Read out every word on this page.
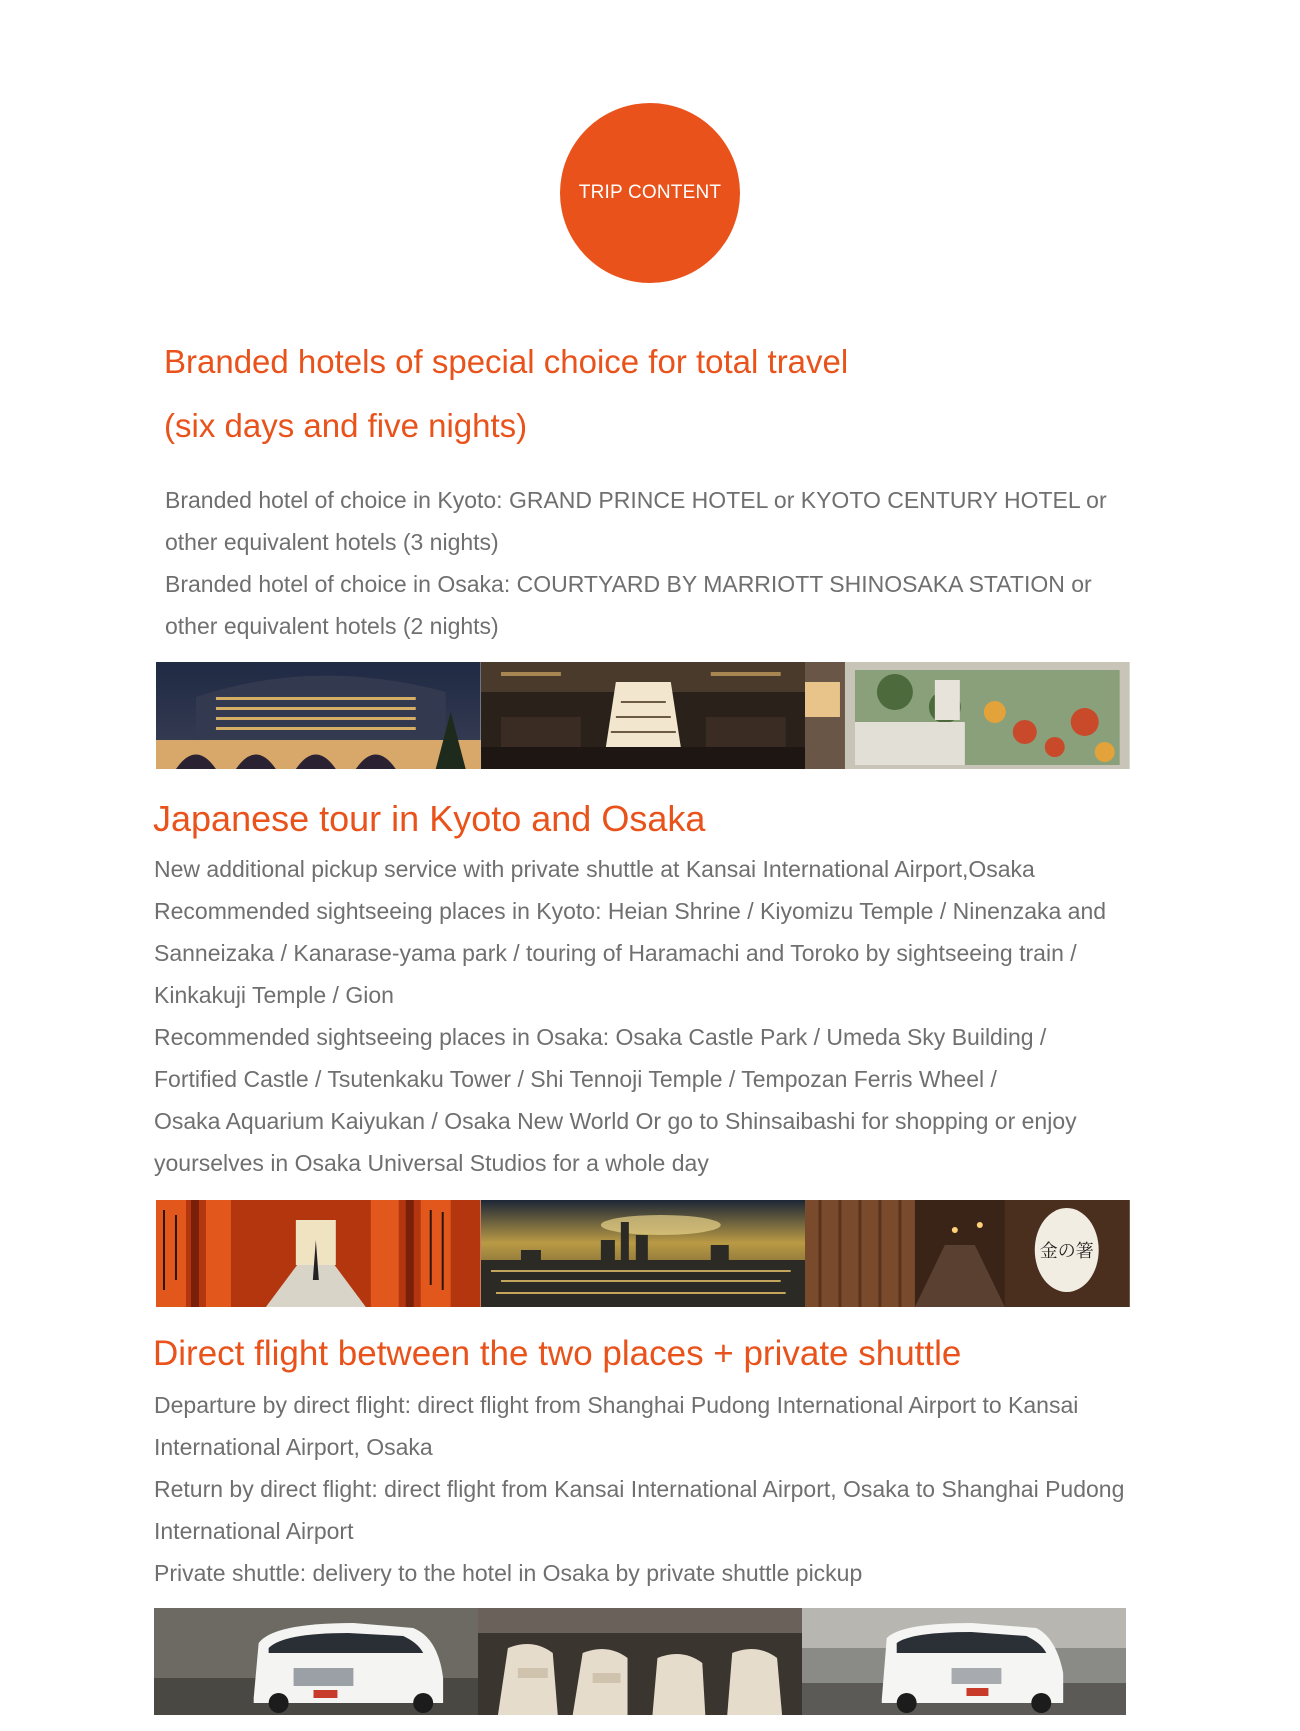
TRIP CONTENT
Branded hotels of special choice for total travel
(six days and five nights)
Branded hotel of choice in Kyoto: GRAND PRINCE HOTEL or KYOTO CENTURY HOTEL or
other equivalent hotels (3 nights)
Branded hotel of choice in Osaka: COURTYARD BY MARRIOTT SHINOSAKA STATION or
other equivalent hotels (2 nights)
Japanese tour in Kyoto and Osaka
New additional pickup service with private shuttle at Kansai International Airport,Osaka
Recommended sightseeing places in Kyoto: Heian Shrine / Kiyomizu Temple / Ninenzaka and
Sanneizaka / Kanarase-yama park / touring of Haramachi and Toroko by sightseeing train /
Kinkakuji Temple / Gion
Recommended sightseeing places in Osaka: Osaka Castle Park / Umeda Sky Building /
Fortified Castle / Tsutenkaku Tower / Shi Tennoji Temple / Tempozan Ferris Wheel /
Osaka Aquarium Kaiyukan / Osaka New World Or go to Shinsaibashi for shopping or enjoy
yourselves in Osaka Universal Studios for a whole day
金の箸
Direct flight between the two places + private shuttle
Departure by direct flight: direct flight from Shanghai Pudong International Airport to Kansai
International Airport, Osaka
Return by direct flight: direct flight from Kansai International Airport, Osaka to Shanghai Pudong
International Airport
Private shuttle: delivery to the hotel in Osaka by private shuttle pickup
